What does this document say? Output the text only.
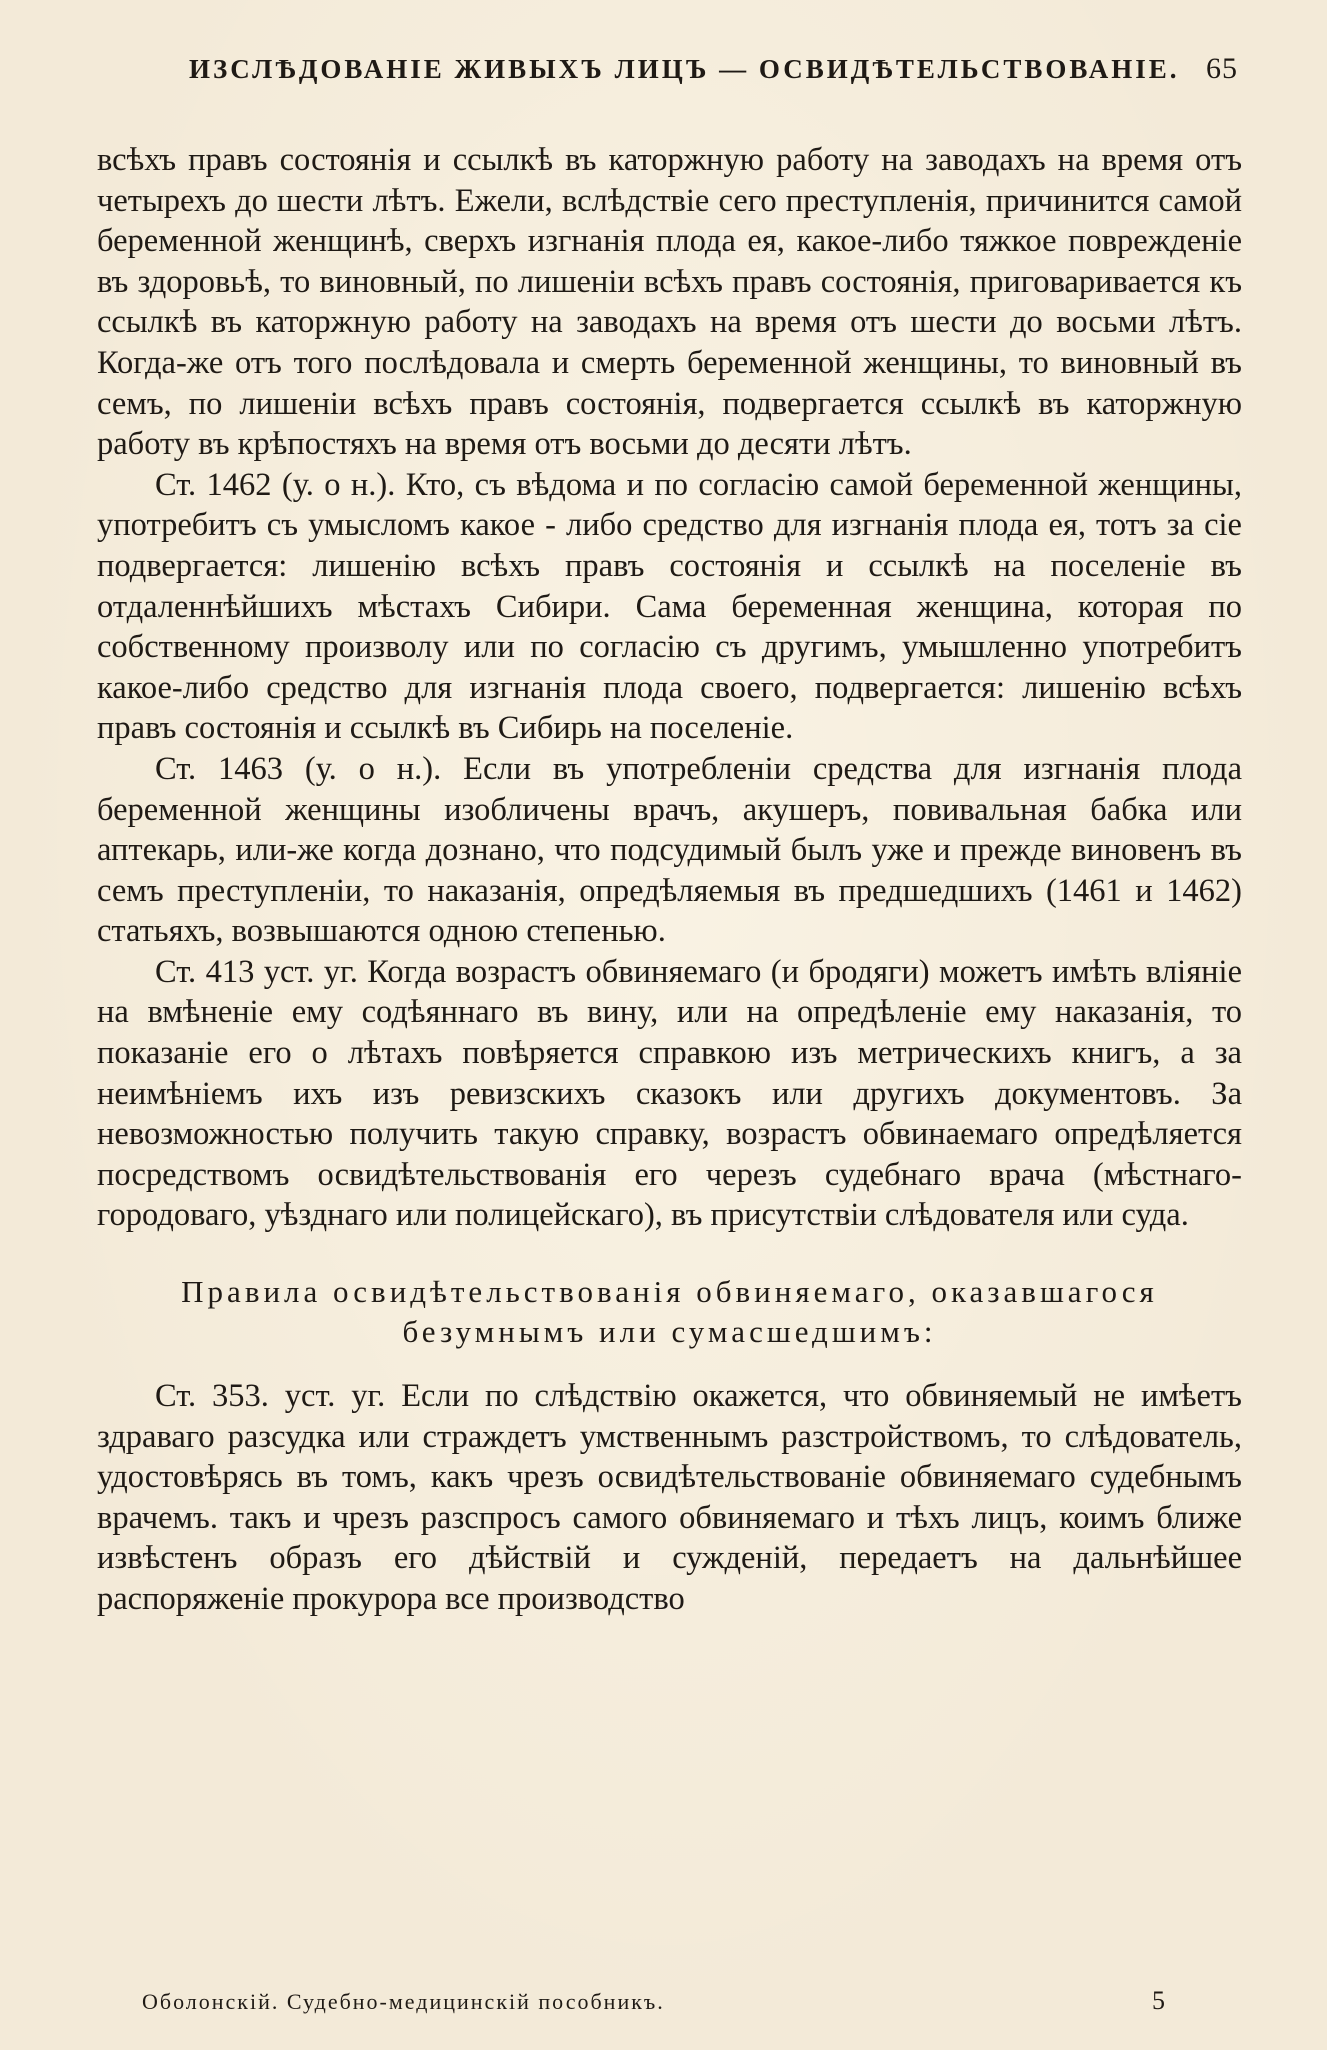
ИЗСЛѢДОВАНІЕ ЖИВЫХЪ ЛИЦЪ — ОСВИДѢТЕЛЬСТВОВАНІЕ. 65

всѣхъ правъ состоянія и ссылкѣ въ каторжную работу на заводахъ на время отъ четырехъ до шести лѣтъ. Ежели, вслѣдствіе сего преступленія, причинится самой беременной женщинѣ, сверхъ изгнанія плода ея, какое-либо тяжкое поврежденіе въ здоровьѣ, то виновный, по лишеніи всѣхъ правъ состоянія, приговаривается къ ссылкѣ въ каторжную работу на заводахъ на время отъ шести до восьми лѣтъ. Когда-же отъ того послѣдовала и смерть беременной женщины, то виновный въ семъ, по лишеніи всѣхъ правъ состоянія, подвергается ссылкѣ въ каторжную работу въ крѣпостяхъ на время отъ восьми до десяти лѣтъ.

Ст. 1462 (у. о н.). Кто, съ вѣдома и по согласію самой беременной женщины, употребитъ съ умысломъ какое - либо средство для изгнанія плода ея, тотъ за сіе подвергается: лишенію всѣхъ правъ состоянія и ссылкѣ на поселеніе въ отдаленнѣйшихъ мѣстахъ Сибири. Сама беременная женщина, которая по собственному произволу или по согласію съ другимъ, умышленно употребитъ какое-либо средство для изгнанія плода своего, подвергается: лишенію всѣхъ правъ состоянія и ссылкѣ въ Сибирь на поселеніе.

Ст. 1463 (у. о н.). Если въ употребленіи средства для изгнанія плода беременной женщины изобличены врачъ, акушеръ, повивальная бабка или аптекарь, или-же когда дознано, что подсудимый былъ уже и прежде виновенъ въ семъ преступленіи, то наказанія, опредѣляемыя въ предшедшихъ (1461 и 1462) статьяхъ, возвышаются одною степенью.

Ст. 413 уст. уг. Когда возрастъ обвиняемаго (и бродяги) можетъ имѣть вліяніе на вмѣненіе ему содѣяннаго въ вину, или на опредѣленіе ему наказанія, то показаніе его о лѣтахъ повѣряется справкою изъ метрическихъ книгъ, а за неимѣніемъ ихъ изъ ревизскихъ сказокъ или другихъ документовъ. За невозможностью получить такую справку, возрастъ обвинаемаго опредѣляется посредствомъ освидѣтельствованія его черезъ судебнаго врача (мѣстнаго-городоваго, уѣзднаго или полицейскаго), въ присутствіи слѣдователя или суда.

Правила освидѣтельствованія обвиняемаго, оказавшагося
безумнымъ или сумасшедшимъ:

Ст. 353. уст. уг. Если по слѣдствію окажется, что обвиняемый не имѣетъ здраваго разсудка или страждетъ умственнымъ разстройствомъ, то слѣдователь, удостовѣрясь въ томъ, какъ чрезъ освидѣтельствованіе обвиняемаго судебнымъ врачемъ. такъ и чрезъ разспросъ самого обвиняемаго и тѣхъ лицъ, коимъ ближе извѣстенъ образъ его дѣйствій и сужденій, передаетъ на дальнѣйшее распоряженіе прокурора все производство

Оболонскій. Судебно-медицинскій пособникъ.	5
